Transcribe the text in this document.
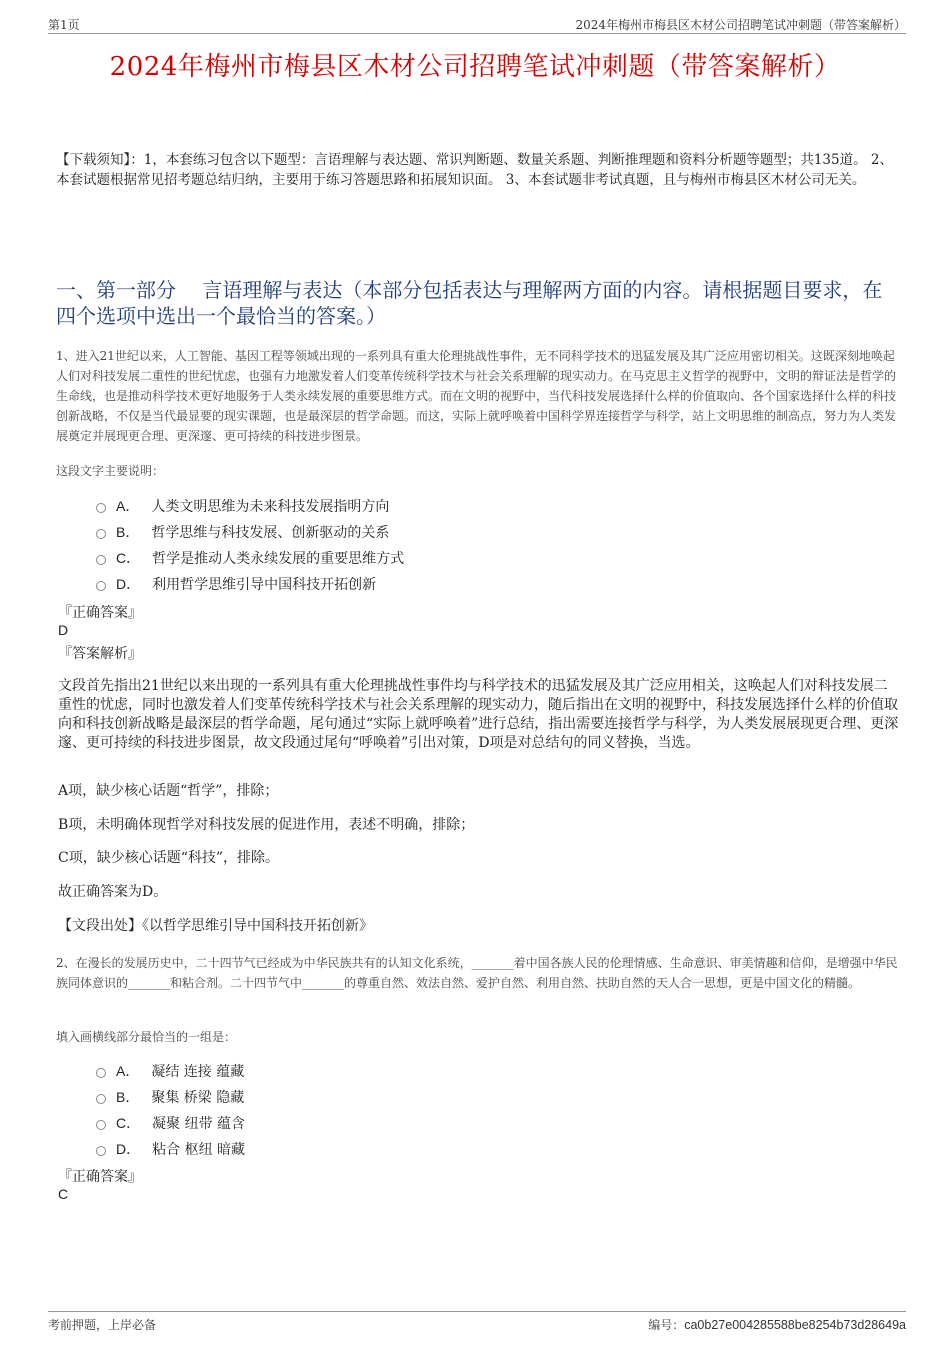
第1页	2024年梅州市梅县区木材公司招聘笔试冲刺题（带答案解析）
2024年梅州市梅县区木材公司招聘笔试冲刺题（带答案解析）
【下载须知】：1，本套练习包含以下题型：言语理解与表达题、常识判断题、数量关系题、判断推理题和资料分析题等题型；共135道。 2、本套试题根据常见招考题总结归纳，主要用于练习答题思路和拓展知识面。 3、本套试题非考试真题，且与梅州市梅县区木材公司无关。
一、第一部分　 言语理解与表达（本部分包括表达与理解两方面的内容。请根据题目要求，在四个选项中选出一个最恰当的答案。）
1、进入21世纪以来，人工智能、基因工程等领域出现的一系列具有重大伦理挑战性事件，无不同科学技术的迅猛发展及其广泛应用密切相关。这既深刻地唤起人们对科技发展二重性的世纪忧虑，也强有力地激发着人们变革传统科学技术与社会关系理解的现实动力。在马克思主义哲学的视野中，文明的辩证法是哲学的生命线，也是推动科学技术更好地服务于人类永续发展的重要思维方式。而在文明的视野中，当代科技发展选择什么样的价值取向、各个国家选择什么样的科技创新战略，不仅是当代最显要的现实课题，也是最深层的哲学命题。而这，实际上就呼唤着中国科学界连接哲学与科学，站上文明思维的制高点，努力为人类发展奠定并展现更合理、更深邃、更可持续的科技进步图景。
这段文字主要说明：
A． 人类文明思维为未来科技发展指明方向
B． 哲学思维与科技发展、创新驱动的关系
C． 哲学是推动人类永续发展的重要思维方式
D． 利用哲学思维引导中国科技开拓创新
『正确答案』
D
『答案解析』
文段首先指出21世纪以来出现的一系列具有重大伦理挑战性事件均与科学技术的迅猛发展及其广泛应用相关，这唤起人们对科技发展二重性的忧虑，同时也激发着人们变革传统科学技术与社会关系理解的现实动力，随后指出在文明的视野中，科技发展选择什么样的价值取向和科技创新战略是最深层的哲学命题，尾句通过“实际上就呼唤着”进行总结，指出需要连接哲学与科学，为人类发展展现更合理、更深邃、更可持续的科技进步图景，故文段通过尾句“呼唤着”引出对策，D项是对总结句的同义替换，当选。
A项，缺少核心话题“哲学”，排除；
B项，未明确体现哲学对科技发展的促进作用，表述不明确，排除；
C项，缺少核心话题“科技”，排除。
故正确答案为D。
【文段出处】《以哲学思维引导中国科技开拓创新》
2、在漫长的发展历史中，二十四节气已经成为中华民族共有的认知文化系统，_______着中国各族人民的伦理情感、生命意识、审美情趣和信仰，是增强中华民族同体意识的_______和粘合剂。二十四节气中_______的尊重自然、效法自然、爱护自然、利用自然、扶助自然的天人合一思想，更是中国文化的精髓。
填入画横线部分最恰当的一组是：
A． 凝结 连接 蕴藏
B． 聚集 桥梁 隐藏
C． 凝聚 纽带 蕴含
D． 粘合 枢纽 暗藏
『正确答案』
C
考前押题，上岸必备	编号：ca0b27e004285588be8254b73d28649a
